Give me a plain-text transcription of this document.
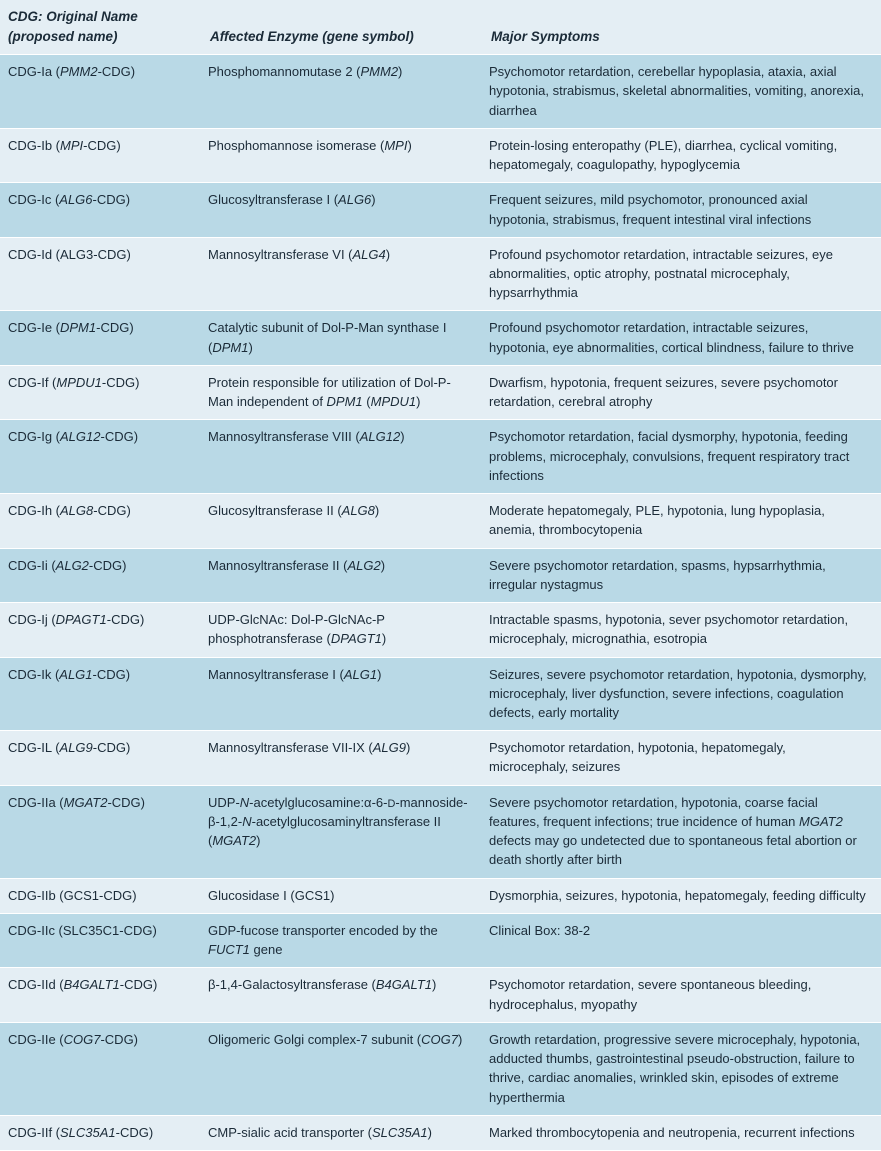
CDG: Original Name
(proposed name)	Affected Enzyme (gene symbol)	Major Symptoms
CDG-Ia (PMM2-CDG)	Phosphomannomutase 2 (PMM2)	Psychomotor retardation, cerebellar hypoplasia, ataxia, axial hypotonia, strabismus, skeletal abnormalities, vomiting, anorexia, diarrhea
CDG-Ib (MPI-CDG)	Phosphomannose isomerase (MPI)	Protein-losing enteropathy (PLE), diarrhea, cyclical vomiting, hepatomegaly, coagulopathy, hypoglycemia
CDG-Ic (ALG6-CDG)	Glucosyltransferase I (ALG6)	Frequent seizures, mild psychomotor, pronounced axial hypotonia, strabismus, frequent intestinal viral infections
CDG-Id (ALG3-CDG)	Mannosyltransferase VI (ALG4)	Profound psychomotor retardation, intractable seizures, eye abnormalities, optic atrophy, postnatal microcephaly, hypsarrhythmia
CDG-Ie (DPM1-CDG)	Catalytic subunit of Dol-P-Man synthase I (DPM1)	Profound psychomotor retardation, intractable seizures, hypotonia, eye abnormalities, cortical blindness, failure to thrive
CDG-If (MPDU1-CDG)	Protein responsible for utilization of Dol-P-Man independent of DPM1 (MPDU1)	Dwarfism, hypotonia, frequent seizures, severe psychomotor retardation, cerebral atrophy
CDG-Ig (ALG12-CDG)	Mannosyltransferase VIII (ALG12)	Psychomotor retardation, facial dysmorphy, hypotonia, feeding problems, microcephaly, convulsions, frequent respiratory tract infections
CDG-Ih (ALG8-CDG)	Glucosyltransferase II (ALG8)	Moderate hepatomegaly, PLE, hypotonia, lung hypoplasia, anemia, thrombocytopenia
CDG-Ii (ALG2-CDG)	Mannosyltransferase II (ALG2)	Severe psychomotor retardation, spasms, hypsarrhythmia, irregular nystagmus
CDG-Ij (DPAGT1-CDG)	UDP-GlcNAc: Dol-P-GlcNAc-P phosphotransferase (DPAGT1)	Intractable spasms, hypotonia, sever psychomotor retardation, microcephaly, micrognathia, esotropia
CDG-Ik (ALG1-CDG)	Mannosyltransferase I (ALG1)	Seizures, severe psychomotor retardation, hypotonia, dysmorphy, microcephaly, liver dysfunction, severe infections, coagulation defects, early mortality
CDG-IL (ALG9-CDG)	Mannosyltransferase VII-IX (ALG9)	Psychomotor retardation, hypotonia, hepatomegaly, microcephaly, seizures
CDG-IIa (MGAT2-CDG)	UDP-N-acetylglucosamine:α-6-D-mannoside-β-1,2-N-acetylglucosaminyltransferase II (MGAT2)	Severe psychomotor retardation, hypotonia, coarse facial features, frequent infections; true incidence of human MGAT2 defects may go undetected due to spontaneous fetal abortion or death shortly after birth
CDG-IIb (GCS1-CDG)	Glucosidase I (GCS1)	Dysmorphia, seizures, hypotonia, hepatomegaly, feeding difficulty
CDG-IIc (SLC35C1-CDG)	GDP-fucose transporter encoded by the FUCT1 gene	Clinical Box: 38-2
CDG-IId (B4GALT1-CDG)	β-1,4-Galactosyltransferase (B4GALT1)	Psychomotor retardation, severe spontaneous bleeding, hydrocephalus, myopathy
CDG-IIe (COG7-CDG)	Oligomeric Golgi complex-7 subunit (COG7)	Growth retardation, progressive severe microcephaly, hypotonia, adducted thumbs, gastrointestinal pseudo-obstruction, failure to thrive, cardiac anomalies, wrinkled skin, episodes of extreme hyperthermia
CDG-IIf (SLC35A1-CDG)	CMP-sialic acid transporter (SLC35A1)	Marked thrombocytopenia and neutropenia, recurrent infections
